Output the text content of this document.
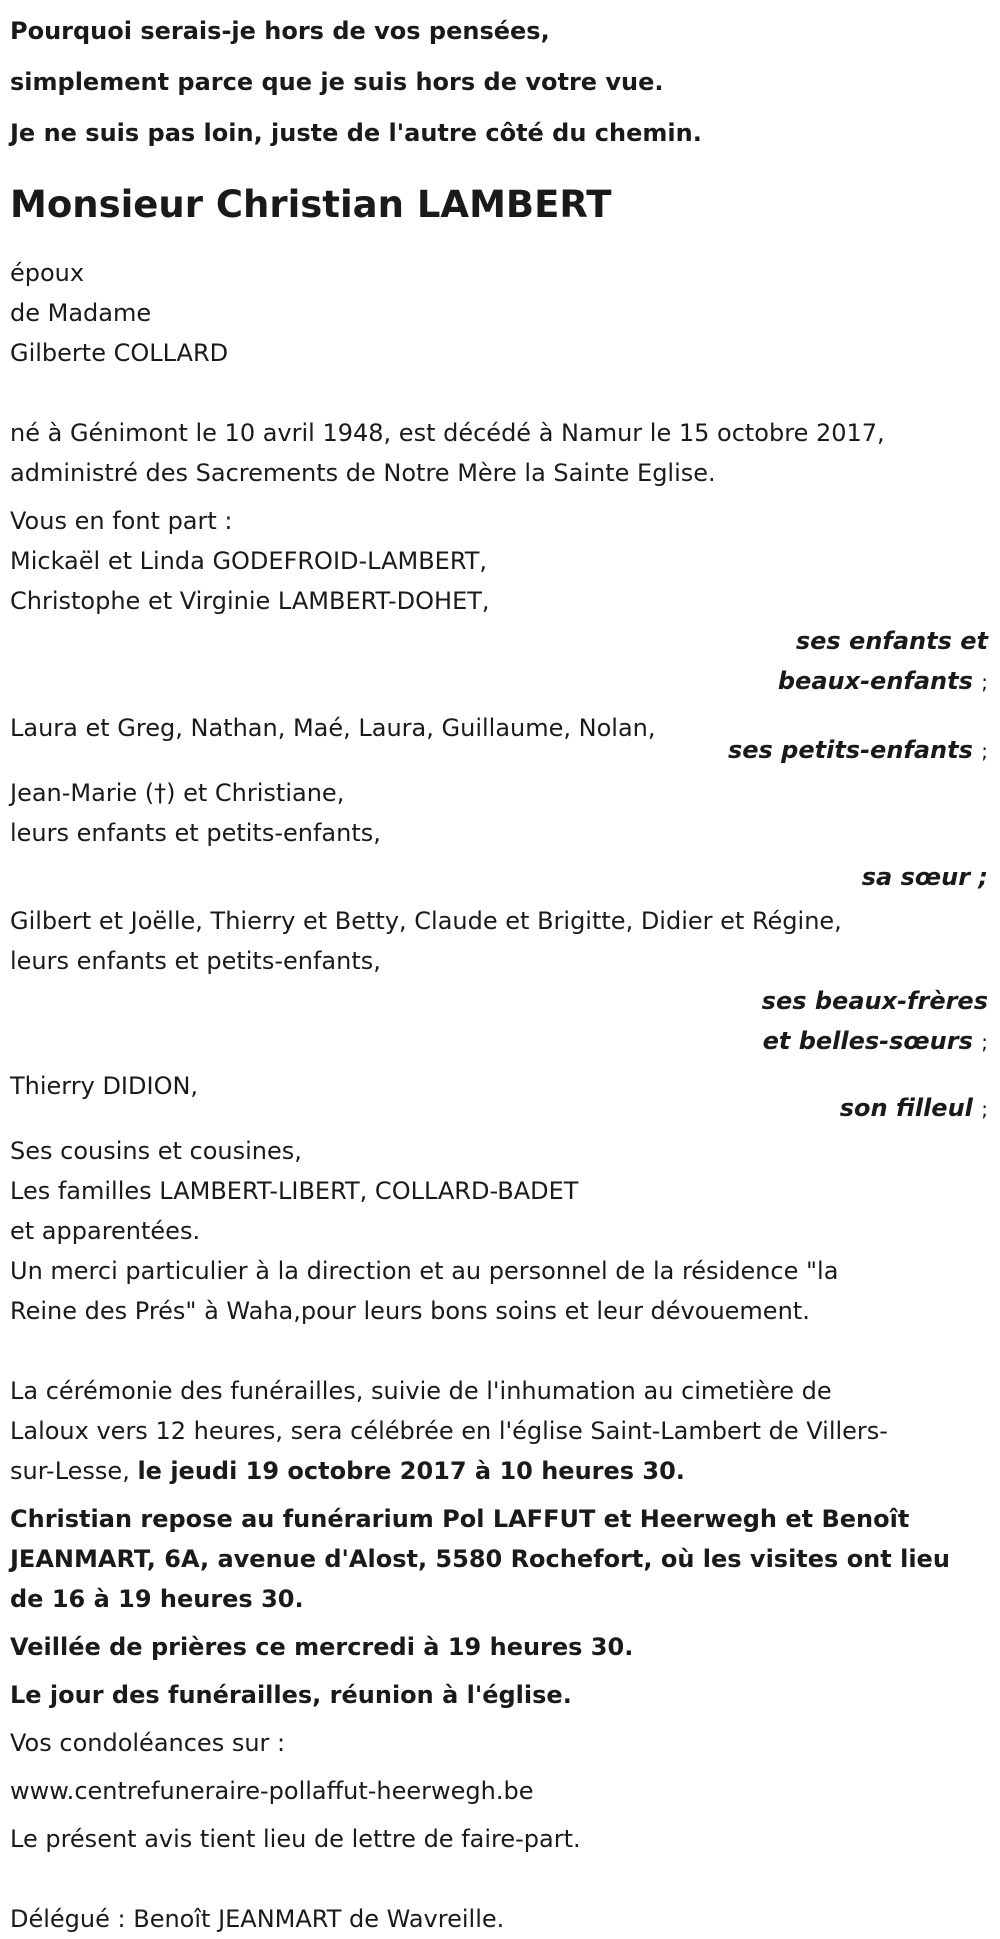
Pourquoi serais-je hors de vos pensées,
simplement parce que je suis hors de votre vue.
Je ne suis pas loin, juste de l'autre côté du chemin.
Monsieur Christian LAMBERT
époux
de Madame
Gilberte COLLARD
né à Génimont le 10 avril 1948, est décédé à Namur le 15 octobre 2017,
administré des Sacrements de Notre Mère la Sainte Eglise.
Vous en font part :
Mickaël et Linda GODEFROID-LAMBERT,
Christophe et Virginie LAMBERT-DOHET,
ses enfants et
beaux-enfants ;
Laura et Greg, Nathan, Maé, Laura, Guillaume, Nolan,
ses petits-enfants ;
Jean-Marie (†) et Christiane,
leurs enfants et petits-enfants,
sa sœur ;
Gilbert et Joëlle, Thierry et Betty, Claude et Brigitte, Didier et Régine,
leurs enfants et petits-enfants,
ses beaux-frères
et belles-sœurs ;
Thierry DIDION,
son filleul ;
Ses cousins et cousines,
Les familles LAMBERT-LIBERT, COLLARD-BADET
et apparentées.
Un merci particulier à la direction et au personnel de la résidence "la
Reine des Prés" à Waha,pour leurs bons soins et leur dévouement.
La cérémonie des funérailles, suivie de l'inhumation au cimetière de
Laloux vers 12 heures, sera célébrée en l'église Saint-Lambert de Villers-
sur-Lesse, le jeudi 19 octobre 2017 à 10 heures 30.
Christian repose au funérarium Pol LAFFUT et Heerwegh et Benoît
JEANMART, 6A, avenue d'Alost, 5580 Rochefort, où les visites ont lieu
de 16 à 19 heures 30.
Veillée de prières ce mercredi à 19 heures 30.
Le jour des funérailles, réunion à l'église.
Vos condoléances sur :
www.centrefuneraire-pollaffut-heerwegh.be
Le présent avis tient lieu de lettre de faire-part.
Délégué : Benoît JEANMART de Wavreille.
